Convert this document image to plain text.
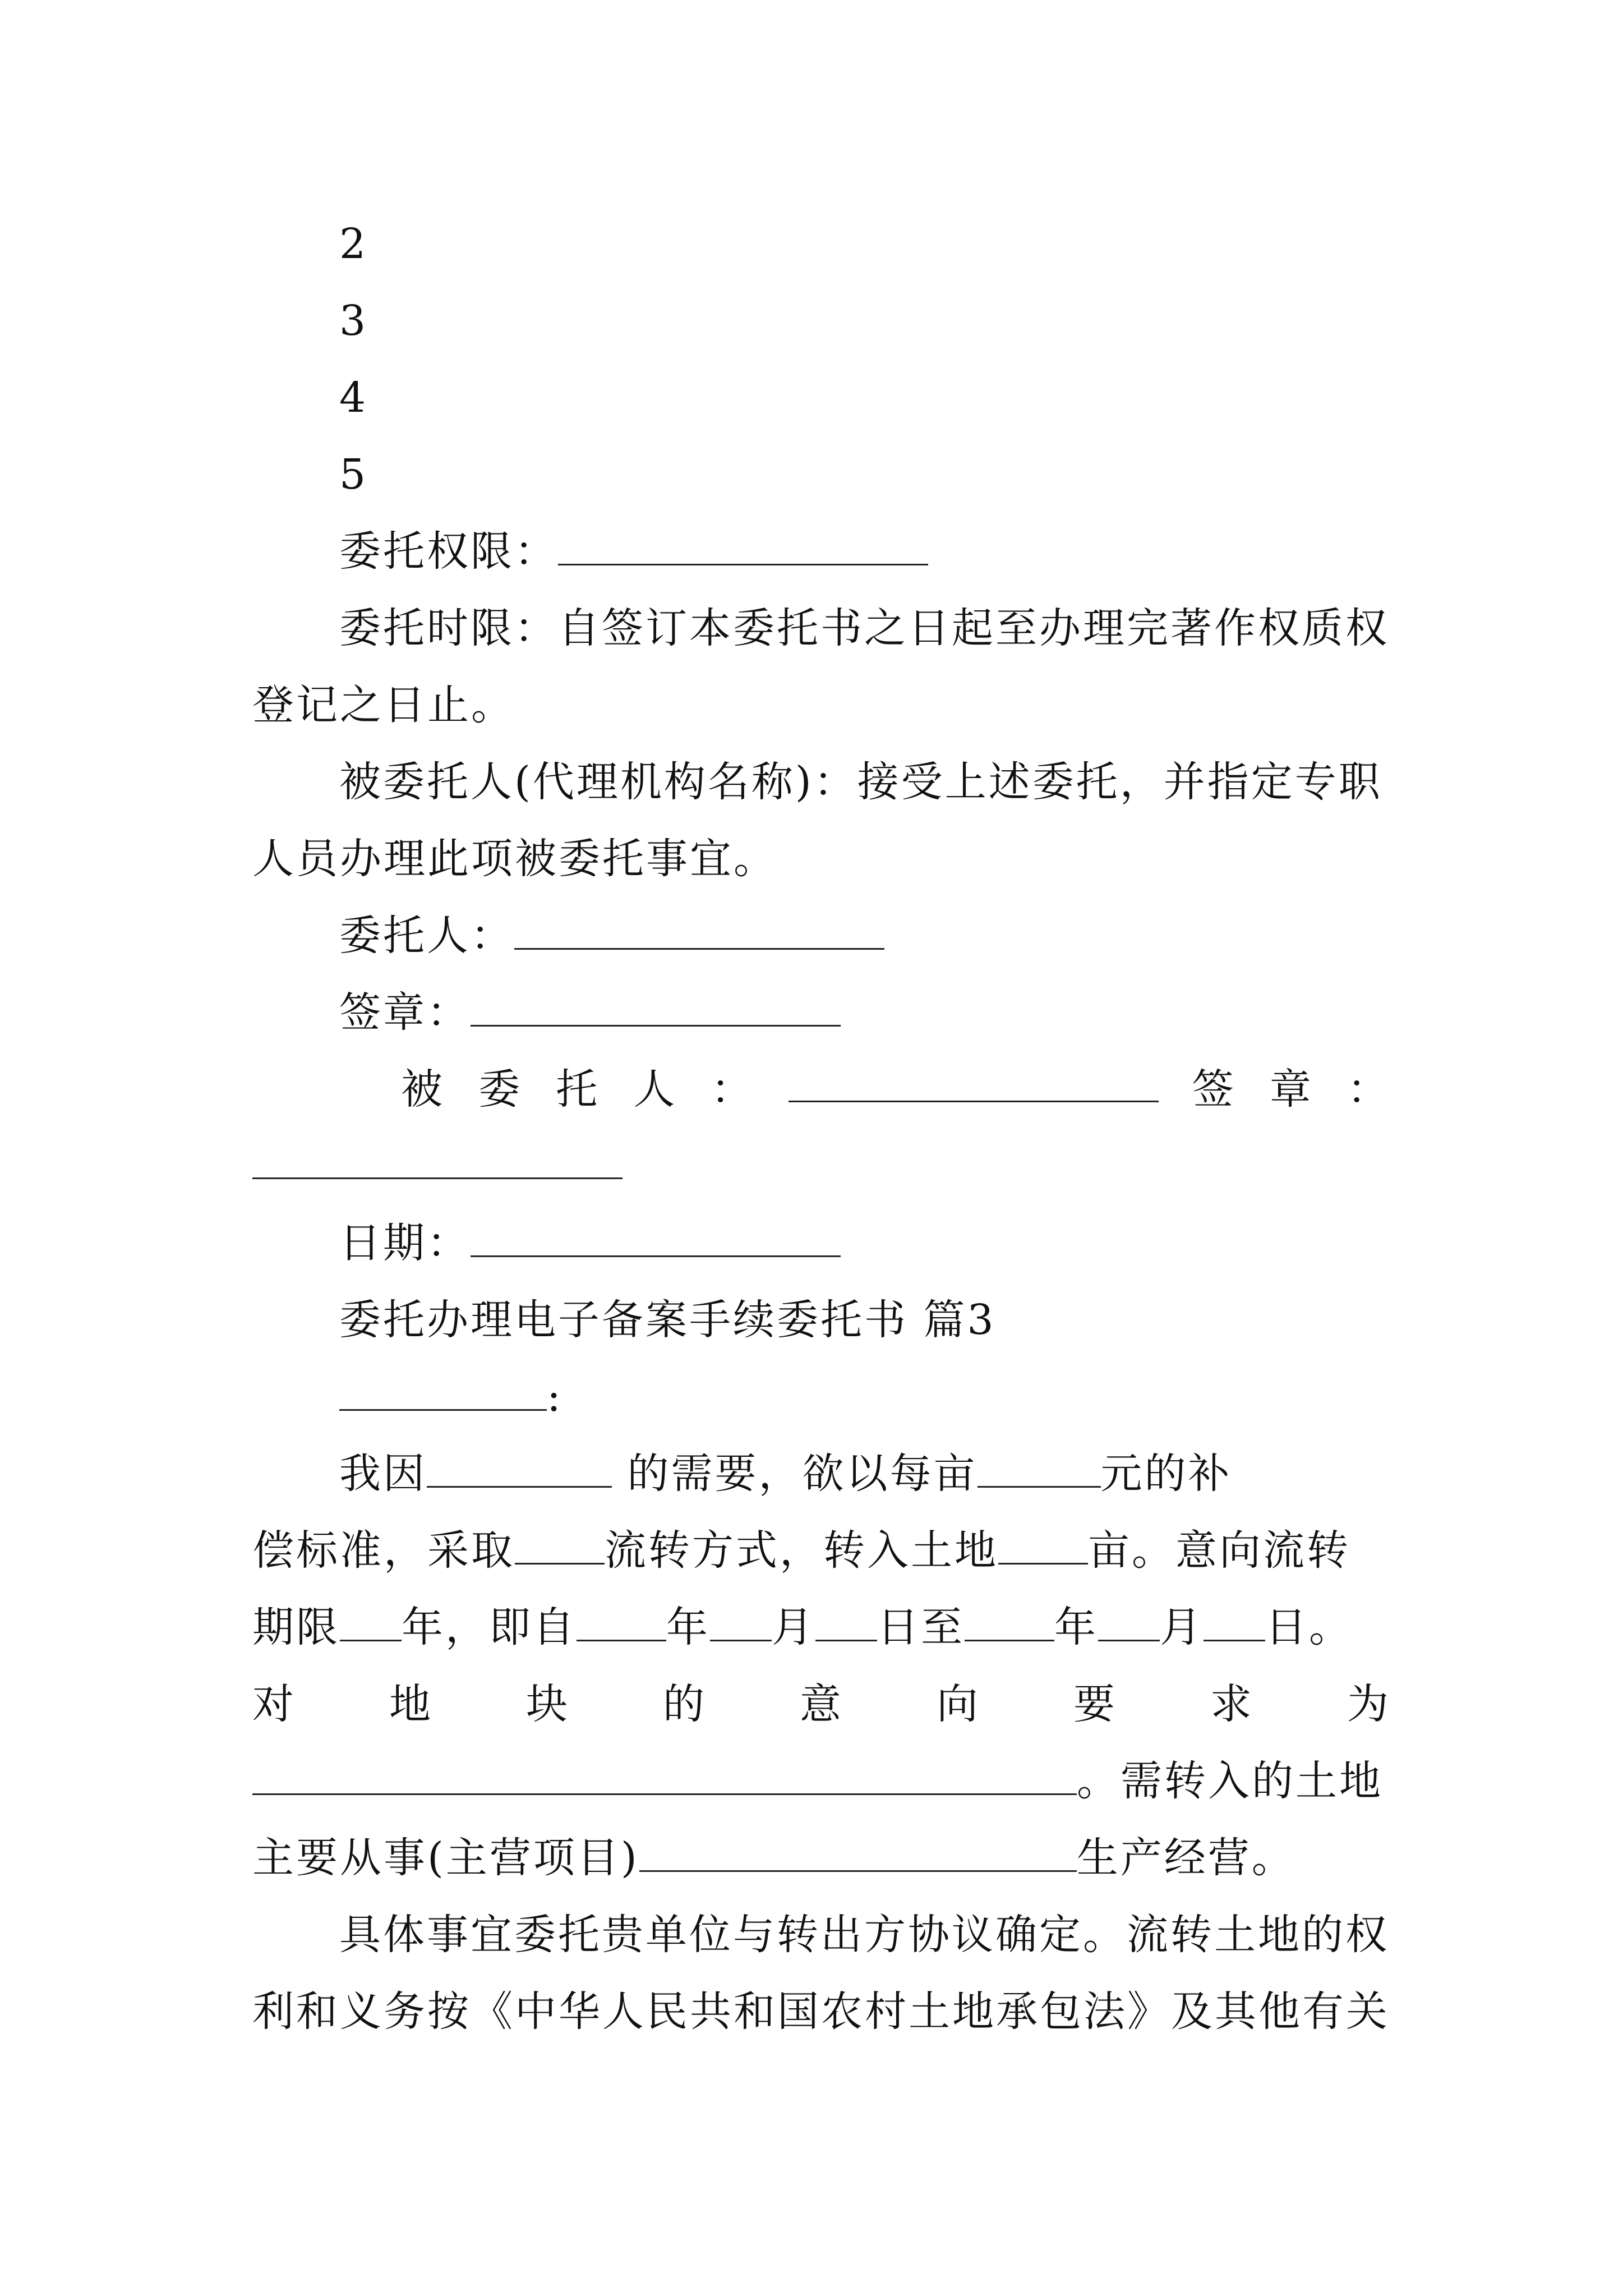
2
3
4
5
委托权限：
委托时限：自签订本委托书之日起至办理完著作权质权
登记之日止。
被委托人(代理机构名称)：接受上述委托，并指定专职
人员办理此项被委托事宜。
委托人：
签章：
被 委 托 人 ：	签 章 ：
日期：
委托办理电子备案手续委托书 篇3
:
我因	的需要，欲以每亩	元的补
偿标准，采取 流转方式，转入土地 亩。意向流转
期限 年，即自 年 月 日至 年 月 日。
对 地 块 的 意 向 要 求 为
。需转入的土地
主要从事(主营项目)	生产经营。
具体事宜委托贵单位与转出方协议确定。流转土地的权
利和义务按《中华人民共和国农村土地承包法》及其他有关
